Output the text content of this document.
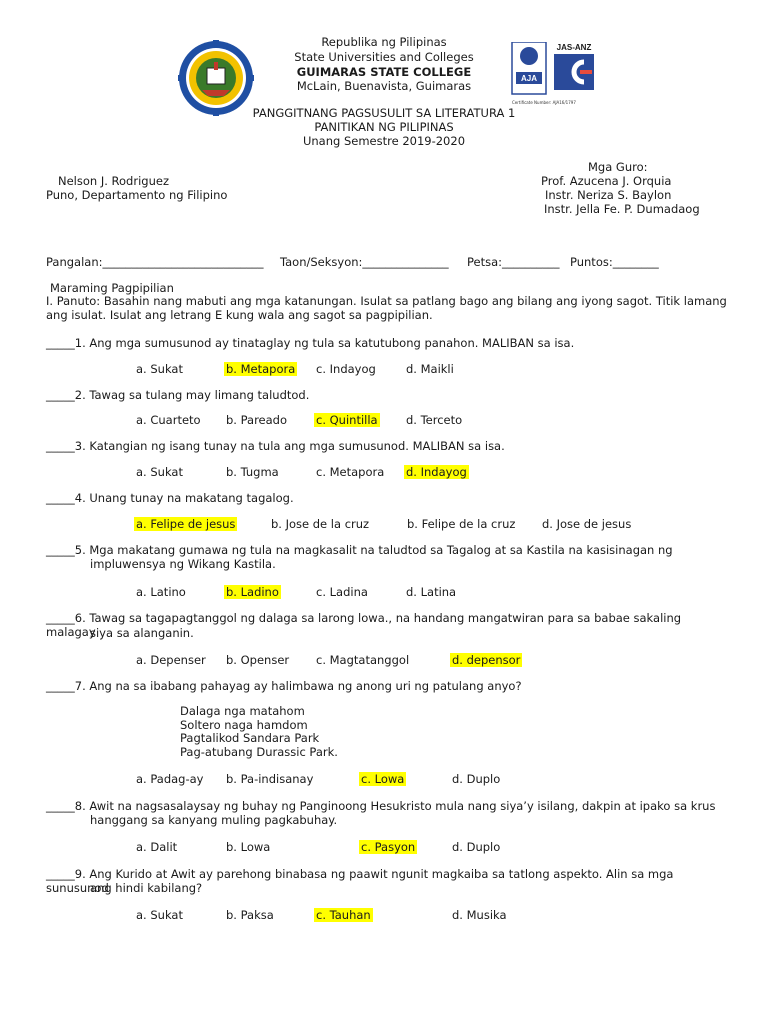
AJA
JAS-ANZ
Certificate Number: AJA16/1797
Republika ng Pilipinas
State Universities and Colleges
GUIMARAS STATE COLLEGE
McLain, Buenavista, Guimaras
PANGGITNANG PAGSUSULIT SA LITERATURA 1
PANITIKAN NG PILIPINAS
Unang Semestre 2019-2020
Mga Guro:
Nelson J. Rodriguez	Prof. Azucena J. Orquia
Puno, Departamento ng Filipino	Instr. Neriza S. Baylon
Instr. Jella Fe. P. Dumadaog
Pangalan:____________________________ Taon/Seksyon:_______________ Petsa:__________ Puntos:________
Maraming Pagpipilian
I. Panuto: Basahin nang mabuti ang mga katanungan. Isulat sa patlang bago ang bilang ang iyong sagot. Titik lamang ang isulat. Isulat ang letrang E kung wala ang sagot sa pagpipilian.
_____1. Ang mga sumusunod ay tinataglay ng tula sa katutubong panahon. MALIBAN sa isa.
a. Sukat	b. Metapora c. Indayog	d. Maikli
_____2. Tawag sa tulang may limang taludtod.
a. Cuarteto b. Pareado	c. Quintilla d. Terceto
_____3. Katangian ng isang tunay na tula ang mga sumusunod. MALIBAN sa isa.
a. Sukat	b. Tugma	c. Metapora d. Indayog
_____4. Unang tunay na makatang tagalog.
a. Felipe de jesus	b. Jose de la cruz	b. Felipe de la cruz d. Jose de jesus
_____5. Mga makatang gumawa ng tula na magkasalit na taludtod sa Tagalog at sa Kastila na kasisinagan ng
impluwensya ng Wikang Kastila.
a. Latino	b. Ladino	c. Ladina	d. Latina
_____6. Tawag sa tagapagtanggol ng dalaga sa larong lowa., na handang mangatwiran para sa babae sakaling malagay
siya sa alanganin.
a. Depenser b. Openser c. Magtatanggol	d. depensor
_____7. Ang na sa ibabang pahayag ay halimbawa ng anong uri ng patulang anyo?
Dalaga nga matahom
Soltero naga hamdom
Pagtalikod Sandara Park
Pag-atubang Durassic Park.
a. Padag-ay b. Pa-indisanay	c. Lowa	d. Duplo
_____8. Awit na nagsasalaysay ng buhay ng Panginoong Hesukristo mula nang siya’y isilang, dakpin at ipako sa krus
hanggang sa kanyang muling pagkabuhay.
a. Dalit	b. Lowa	c. Pasyon	d. Duplo
_____9. Ang Kurido at Awit ay parehong binabasa ng paawit ngunit magkaiba sa tatlong aspekto. Alin sa mga sunusunod
ang hindi kabilang?
a. Sukat	b. Paksa	c. Tauhan	d. Musika
